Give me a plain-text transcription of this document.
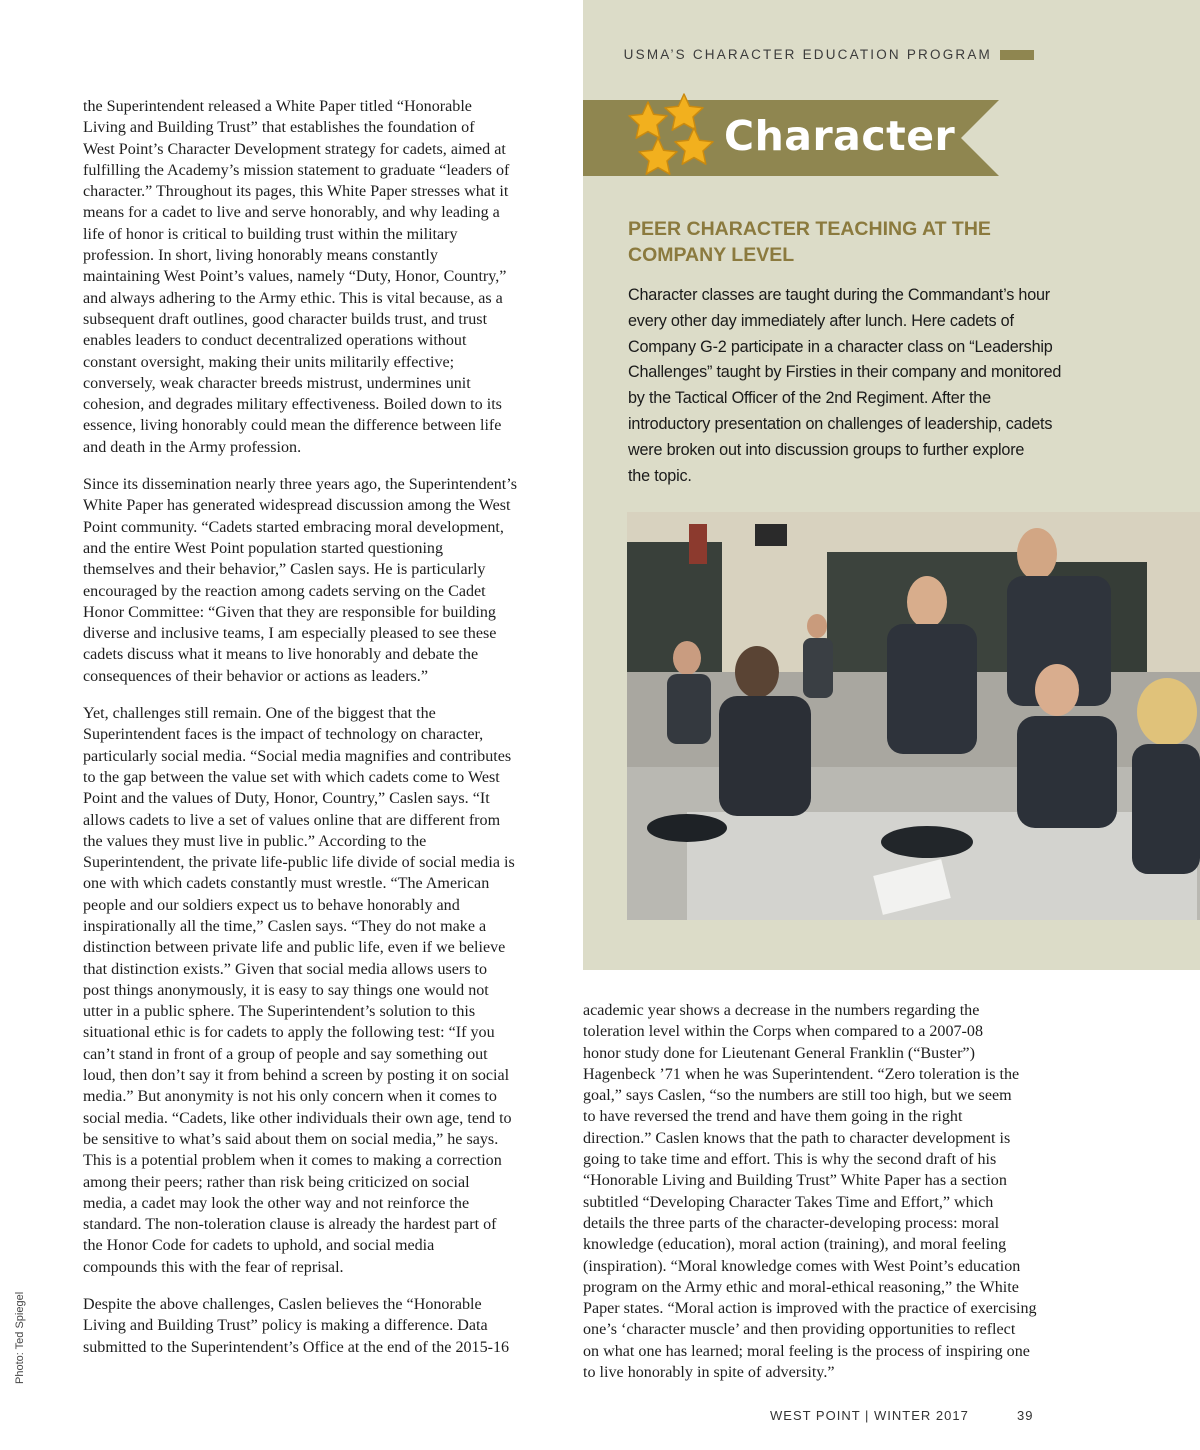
USMA’S CHARACTER EDUCATION PROGRAM
Character
PEER CHARACTER TEACHING AT THE
COMPANY LEVEL
Character classes are taught during the Commandant’s hour
every other day immediately after lunch. Here cadets of
Company G-2 participate in a character class on “Leadership
Challenges” taught by Firsties in their company and monitored
by the Tactical Officer of the 2nd Regiment. After the
introductory presentation on challenges of leadership, cadets
were broken out into discussion groups to further explore
the topic.

the Superintendent released a White Paper titled “Honorable
Living and Building Trust” that establishes the foundation of
West Point’s Character Development strategy for cadets, aimed at
fulfilling the Academy’s mission statement to graduate “leaders of
character.” Throughout its pages, this White Paper stresses what it
means for a cadet to live and serve honorably, and why leading a
life of honor is critical to building trust within the military
profession. In short, living honorably means constantly
maintaining West Point’s values, namely “Duty, Honor, Country,”
and always adhering to the Army ethic. This is vital because, as a
subsequent draft outlines, good character builds trust, and trust
enables leaders to conduct decentralized operations without
constant oversight, making their units militarily effective;
conversely, weak character breeds mistrust, undermines unit
cohesion, and degrades military effectiveness. Boiled down to its
essence, living honorably could mean the difference between life
and death in the Army profession.

Since its dissemination nearly three years ago, the Superintendent’s
White Paper has generated widespread discussion among the West
Point community. “Cadets started embracing moral development,
and the entire West Point population started questioning
themselves and their behavior,” Caslen says. He is particularly
encouraged by the reaction among cadets serving on the Cadet
Honor Committee: “Given that they are responsible for building
diverse and inclusive teams, I am especially pleased to see these
cadets discuss what it means to live honorably and debate the
consequences of their behavior or actions as leaders.”

Yet, challenges still remain. One of the biggest that the
Superintendent faces is the impact of technology on character,
particularly social media. “Social media magnifies and contributes
to the gap between the value set with which cadets come to West
Point and the values of Duty, Honor, Country,” Caslen says. “It
allows cadets to live a set of values online that are different from
the values they must live in public.” According to the
Superintendent, the private life-public life divide of social media is
one with which cadets constantly must wrestle. “The American
people and our soldiers expect us to behave honorably and
inspirationally all the time,” Caslen says. “They do not make a
distinction between private life and public life, even if we believe
that distinction exists.” Given that social media allows users to
post things anonymously, it is easy to say things one would not
utter in a public sphere. The Superintendent’s solution to this
situational ethic is for cadets to apply the following test: “If you
can’t stand in front of a group of people and say something out
loud, then don’t say it from behind a screen by posting it on social
media.” But anonymity is not his only concern when it comes to
social media. “Cadets, like other individuals their own age, tend to
be sensitive to what’s said about them on social media,” he says.
This is a potential problem when it comes to making a correction
among their peers; rather than risk being criticized on social
media, a cadet may look the other way and not reinforce the
standard. The non-toleration clause is already the hardest part of
the Honor Code for cadets to uphold, and social media
compounds this with the fear of reprisal.

Despite the above challenges, Caslen believes the “Honorable
Living and Building Trust” policy is making a difference. Data
submitted to the Superintendent’s Office at the end of the 2015-16

academic year shows a decrease in the numbers regarding the
toleration level within the Corps when compared to a 2007-08
honor study done for Lieutenant General Franklin (“Buster”)
Hagenbeck ’71 when he was Superintendent. “Zero toleration is the
goal,” says Caslen, “so the numbers are still too high, but we seem
to have reversed the trend and have them going in the right
direction.” Caslen knows that the path to character development is
going to take time and effort. This is why the second draft of his
“Honorable Living and Building Trust” White Paper has a section
subtitled “Developing Character Takes Time and Effort,” which
details the three parts of the character-developing process: moral
knowledge (education), moral action (training), and moral feeling
(inspiration). “Moral knowledge comes with West Point’s education
program on the Army ethic and moral-ethical reasoning,” the White
Paper states. “Moral action is improved with the practice of exercising
one’s ‘character muscle’ and then providing opportunities to reflect
on what one has learned; moral feeling is the process of inspiring one
to live honorably in spite of adversity.”

Photo: Ted Spiegel
WEST POINT | WINTER 2017	39
